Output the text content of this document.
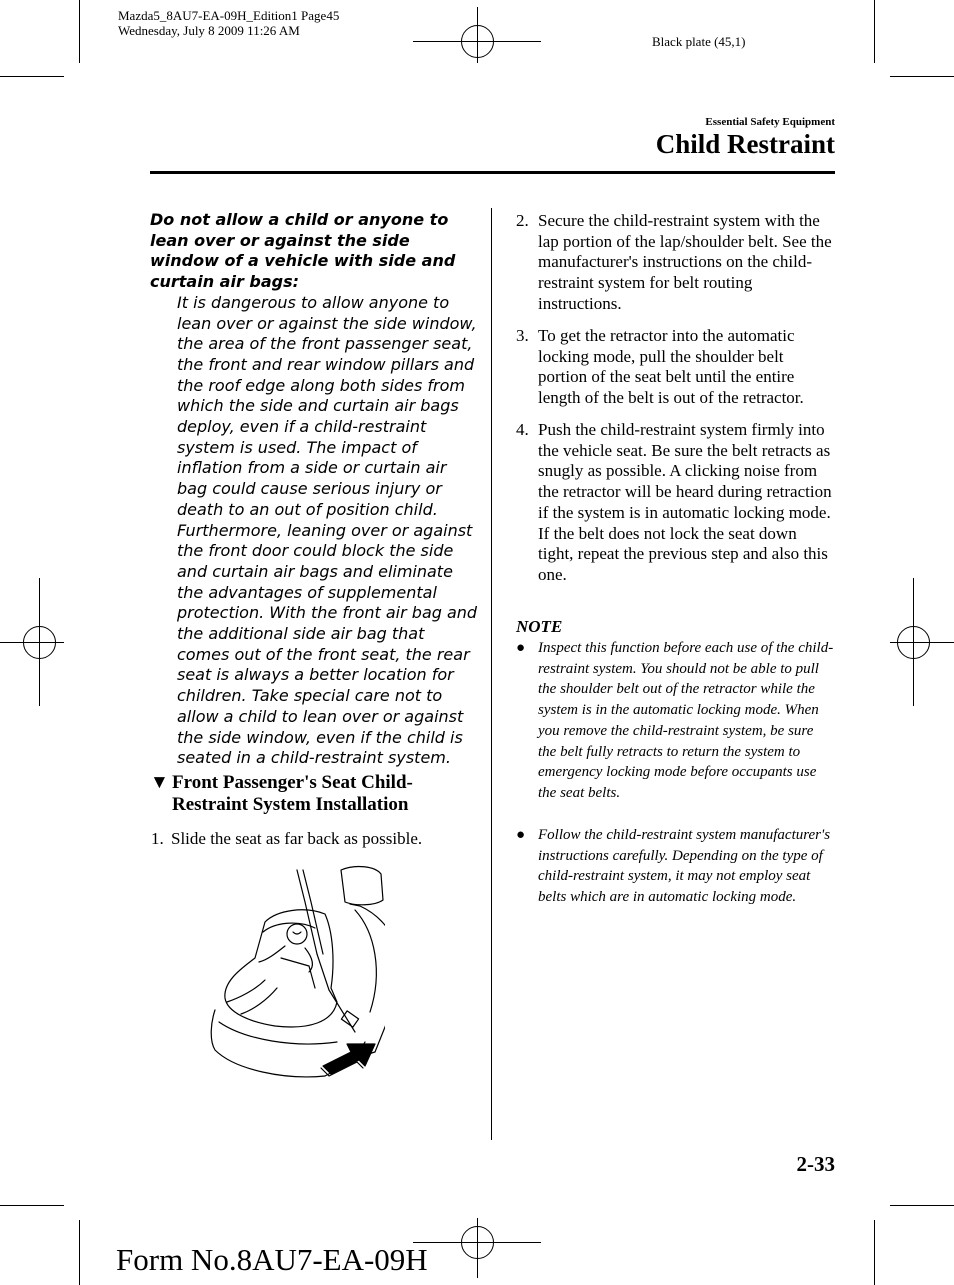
Mazda5_8AU7-EA-09H_Edition1 Page45
Wednesday, July 8 2009 11:26 AM
Black plate (45,1)
Essential Safety Equipment
Child Restraint
Do not allow a child or anyone to lean over or against the side window of a vehicle with side and curtain air bags:
It is dangerous to allow anyone to lean over or against the side window, the area of the front passenger seat, the front and rear window pillars and the roof edge along both sides from which the side and curtain air bags deploy, even if a child-restraint system is used. The impact of inflation from a side or curtain air bag could cause serious injury or death to an out of position child. Furthermore, leaning over or against the front door could block the side and curtain air bags and eliminate the advantages of supplemental protection. With the front air bag and the additional side air bag that comes out of the front seat, the rear seat is always a better location for children. Take special care not to allow a child to lean over or against the side window, even if the child is seated in a child-restraint system.
▼ Front Passenger's Seat Child-Restraint System Installation
1. Slide the seat as far back as possible.
2. Secure the child-restraint system with the lap portion of the lap/shoulder belt. See the manufacturer's instructions on the child-restraint system for belt routing instructions.
3. To get the retractor into the automatic locking mode, pull the shoulder belt portion of the seat belt until the entire length of the belt is out of the retractor.
4. Push the child-restraint system firmly into the vehicle seat. Be sure the belt retracts as snugly as possible. A clicking noise from the retractor will be heard during retraction if the system is in automatic locking mode. If the belt does not lock the seat down tight, repeat the previous step and also this one.
NOTE
● Inspect this function before each use of the child-restraint system. You should not be able to pull the shoulder belt out of the retractor while the system is in the automatic locking mode. When you remove the child-restraint system, be sure the belt fully retracts to return the system to emergency locking mode before occupants use the seat belts.
● Follow the child-restraint system manufacturer's instructions carefully. Depending on the type of child-restraint system, it may not employ seat belts which are in automatic locking mode.
2-33
Form No.8AU7-EA-09H
